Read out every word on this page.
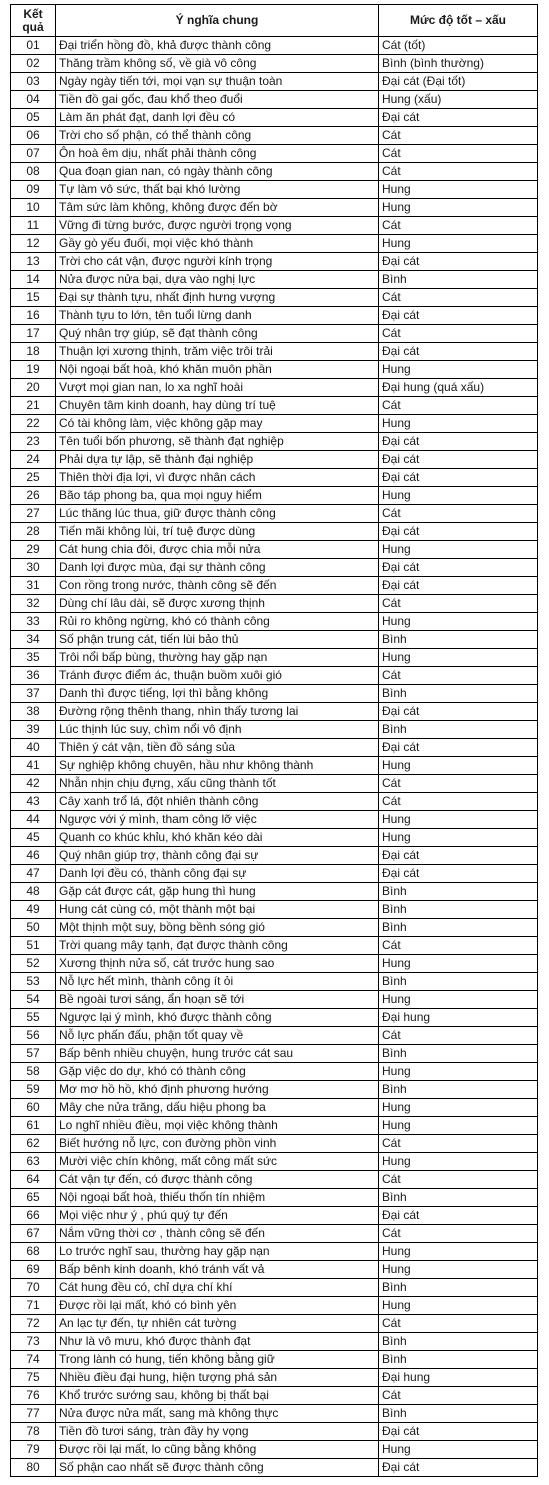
Kết
quả	Ý nghĩa chung	Mức độ tốt – xấu
01	Đại triển hồng đồ, khả được thành công	Cát (tốt)
02	Thăng trầm không số, về già vô công	Bình (bình thường)
03	Ngày ngày tiến tới, mọi vạn sự thuận toàn	Đại cát (Đại tốt)
04	Tiền đồ gai gốc, đau khổ theo đuổi	Hung (xấu)
05	Làm ăn phát đạt, danh lợi đều có	Đại cát
06	Trời cho số phận, có thể thành công	Cát
07	Ôn hoà êm dịu, nhất phải thành công	Cát
08	Qua đoạn gian nan, có ngày thành công	Cát
09	Tự làm vô sức, thất bại khó lường	Hung
10	Tâm sức làm không, không được đến bờ	Hung
11	Vững đi từng bước, được người trọng vọng	Cát
12	Gầy gò yếu đuối, mọi việc khó thành	Hung
13	Trời cho cát vận, được người kính trọng	Đại cát
14	Nửa được nửa bại, dựa vào nghị lực	Bình
15	Đại sự thành tựu, nhất định hưng vượng	Cát
16	Thành tựu to lớn, tên tuổi lừng danh	Đại cát
17	Quý nhân trợ giúp, sẽ đạt thành công	Cát
18	Thuận lợi xương thịnh, trăm việc trôi trải	Đại cát
19	Nội ngoại bất hoà, khó khăn muôn phần	Hung
20	Vượt mọi gian nan, lo xa nghĩ hoài	Đại hung (quá xấu)
21	Chuyên tâm kinh doanh, hay dùng trí tuệ	Cát
22	Có tài không làm, việc không gặp may	Hung
23	Tên tuổi bốn phương, sẽ thành đạt nghiệp	Đại cát
24	Phải dựa tự lập, sẽ thành đại nghiệp	Đại cát
25	Thiên thời địa lợi, vì được nhân cách	Đại cát
26	Bão táp phong ba, qua mọi nguy hiểm	Hung
27	Lúc thăng lúc thua, giữ được thành công	Cát
28	Tiến mãi không lùi, trí tuệ được dùng	Đại cát
29	Cát hung chia đôi, được chia mỗi nửa	Hung
30	Danh lợi được mùa, đại sự thành công	Đại cát
31	Con rồng trong nước, thành công sẽ đến	Đại cát
32	Dùng chí lâu dài, sẽ được xương thịnh	Cát
33	Rủi ro không ngừng, khó có thành công	Hung
34	Số phận trung cát, tiến lùi bảo thủ	Bình
35	Trôi nổi bấp bùng, thường hay gặp nạn	Hung
36	Tránh được điểm ác, thuận buồm xuôi gió	Cát
37	Danh thì được tiếng, lợi thì bằng không	Bình
38	Đường rộng thênh thang, nhìn thấy tương lai	Đại cát
39	Lúc thịnh lúc suy, chìm nổi vô định	Bình
40	Thiên ý cát vận, tiền đồ sáng sủa	Đại cát
41	Sự nghiệp không chuyên, hầu như không thành	Hung
42	Nhẫn nhịn chịu đựng, xấu cũng thành tốt	Cát
43	Cây xanh trổ lá, đột nhiên thành công	Cát
44	Ngược với ý mình, tham công lỡ việc	Hung
45	Quanh co khúc khỉu, khó khăn kéo dài	Hung
46	Quý nhân giúp trợ, thành công đại sự	Đại cát
47	Danh lợi đều có, thành công đại sự	Đại cát
48	Gặp cát được cát, gặp hung thì hung	Bình
49	Hung cát cùng có, một thành một bại	Bình
50	Một thịnh một suy, bồng bềnh sóng gió	Bình
51	Trời quang mây tạnh, đạt được thành công	Cát
52	Xương thịnh nửa số, cát trước hung sao	Hung
53	Nỗ lực hết mình, thành công ít ỏi	Bình
54	Bề ngoài tươi sáng, ẩn hoạn sẽ tới	Hung
55	Ngược lại ý mình, khó được thành công	Đại hung
56	Nỗ lực phấn đấu, phận tốt quay về	Cát
57	Bấp bênh nhiều chuyện, hung trước cát sau	Bình
58	Gặp việc do dự, khó có thành công	Hung
59	Mơ mơ hồ hồ, khó định phương hướng	Bình
60	Mây che nửa trăng, dấu hiệu phong ba	Hung
61	Lo nghĩ nhiều điều, mọi việc không thành	Hung
62	Biết hướng nỗ lực, con đường phồn vinh	Cát
63	Mười việc chín không, mất công mất sức	Hung
64	Cát vận tự đến, có được thành công	Cát
65	Nội ngoại bất hoà, thiếu thốn tín nhiệm	Bình
66	Mọi việc như ý , phú quý tự đến	Đại cát
67	Nắm vững thời cơ , thành công sẽ đến	Cát
68	Lo trước nghĩ sau, thường hay gặp nạn	Hung
69	Bấp bênh kinh doanh, khó tránh vất vả	Hung
70	Cát hung đều có, chỉ dựa chí khí	Bình
71	Được rồi lại mất, khó có bình yên	Hung
72	An lạc tự đến, tự nhiên cát tường	Cát
73	Như là vô mưu, khó được thành đạt	Bình
74	Trong lành có hung, tiến không bằng giữ	Bình
75	Nhiều điều đại hung, hiện tượng phá sản	Đại hung
76	Khổ trước sướng sau, không bị thất bại	Cát
77	Nửa được nửa mất, sang mà không thực	Bình
78	Tiền đồ tươi sáng, tràn đầy hy vọng	Đại cát
79	Được rồi lại mất, lo cũng bằng không	Hung
80	Số phận cao nhất sẽ được thành công	Đại cát
